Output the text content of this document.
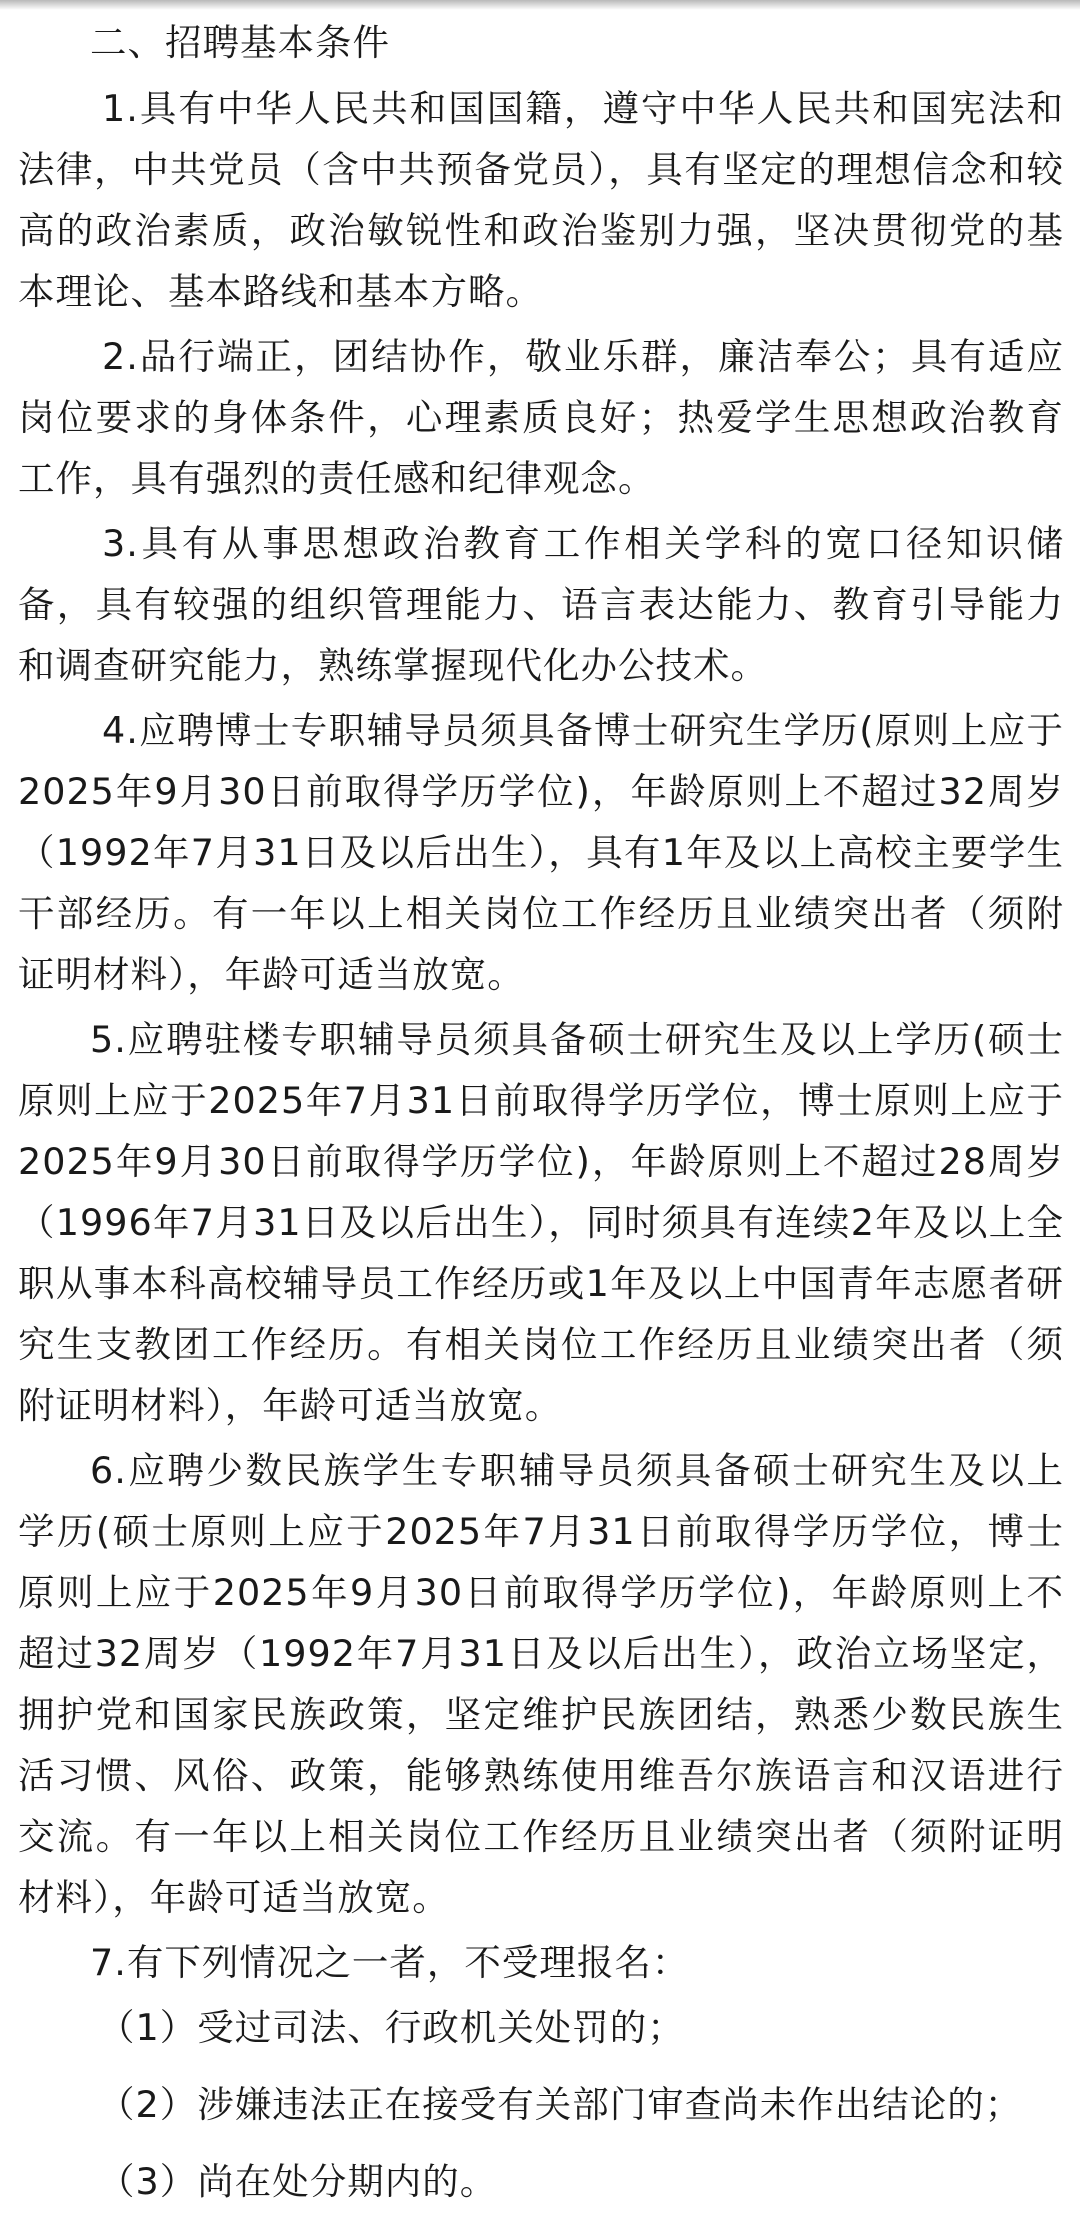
二、招聘基本条件

1.具有中华人民共和国国籍，遵守中华人民共和国宪法和法律，中共党员（含中共预备党员），具有坚定的理想信念和较高的政治素质，政治敏锐性和政治鉴别力强，坚决贯彻党的基本理论、基本路线和基本方略。

2.品行端正，团结协作，敬业乐群，廉洁奉公；具有适应岗位要求的身体条件，心理素质良好；热爱学生思想政治教育工作，具有强烈的责任感和纪律观念。

3.具有从事思想政治教育工作相关学科的宽口径知识储备，具有较强的组织管理能力、语言表达能力、教育引导能力和调查研究能力，熟练掌握现代化办公技术。

4.应聘博士专职辅导员须具备博士研究生学历(原则上应于2025年9月30日前取得学历学位)，年龄原则上不超过32周岁（1992年7月31日及以后出生），具有1年及以上高校主要学生干部经历。有一年以上相关岗位工作经历且业绩突出者（须附证明材料），年龄可适当放宽。

5.应聘驻楼专职辅导员须具备硕士研究生及以上学历(硕士原则上应于2025年7月31日前取得学历学位，博士原则上应于2025年9月30日前取得学历学位)，年龄原则上不超过28周岁（1996年7月31日及以后出生），同时须具有连续2年及以上全职从事本科高校辅导员工作经历或1年及以上中国青年志愿者研究生支教团工作经历。有相关岗位工作经历且业绩突出者（须附证明材料），年龄可适当放宽。

6.应聘少数民族学生专职辅导员须具备硕士研究生及以上学历(硕士原则上应于2025年7月31日前取得学历学位，博士原则上应于2025年9月30日前取得学历学位)，年龄原则上不超过32周岁（1992年7月31日及以后出生），政治立场坚定，拥护党和国家民族政策，坚定维护民族团结，熟悉少数民族生活习惯、风俗、政策，能够熟练使用维吾尔族语言和汉语进行交流。有一年以上相关岗位工作经历且业绩突出者（须附证明材料），年龄可适当放宽。

7.有下列情况之一者，不受理报名：

（1）受过司法、行政机关处罚的；

（2）涉嫌违法正在接受有关部门审查尚未作出结论的；

（3）尚在处分期内的。
